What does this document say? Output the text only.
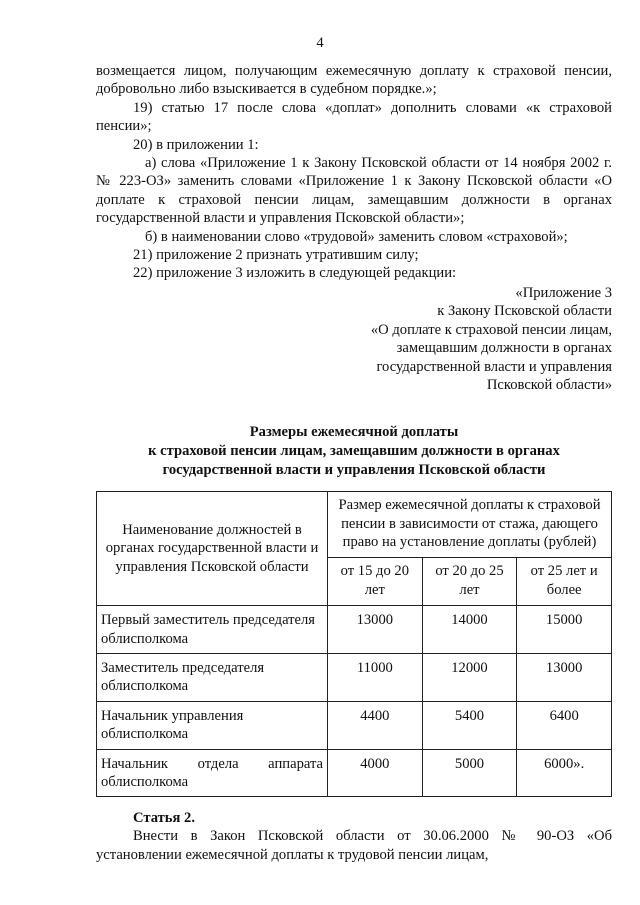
4

возмещается лицом, получающим ежемесячную доплату к страховой пенсии, добровольно либо взыскивается в судебном порядке.»;

19) статью 17 после слова «доплат» дополнить словами «к страховой пенсии»;

20) в приложении 1:

а) слова «Приложение 1 к Закону Псковской области от 14 ноября 2002 г. № 223-ОЗ» заменить словами «Приложение 1 к Закону Псковской области «О доплате к страховой пенсии лицам, замещавшим должности в органах государственной власти и управления Псковской области»;

б) в наименовании слово «трудовой» заменить словом «страховой»;

21) приложение 2 признать утратившим силу;

22) приложение 3 изложить в следующей редакции:

«Приложение 3
к Закону Псковской области
«О доплате к страховой пенсии лицам,
замещавшим должности в органах
государственной власти и управления
Псковской области»
Размеры ежемесячной доплаты
к страховой пенсии лицам, замещавшим должности в органах
государственной власти и управления Псковской области
Наименование должностей в органах государственной власти и управления Псковской области	Размер ежемесячной доплаты к страховой пенсии в зависимости от стажа, дающего право на установление доплаты (рублей)		
	от 15 до 20 лет	от 20 до 25 лет	от 25 лет и более
Первый заместитель председателя облисполкома	13000	14000	15000
Заместитель председателя облисполкома	11000	12000	13000
Начальник управления облисполкома	4400	5400	6400
Начальник отдела аппарата облисполкома	4000	5000	6000».

Статья 2.

Внести в Закон Псковской области от 30.06.2000 № 90-ОЗ «Об установлении ежемесячной доплаты к трудовой пенсии лицам,
